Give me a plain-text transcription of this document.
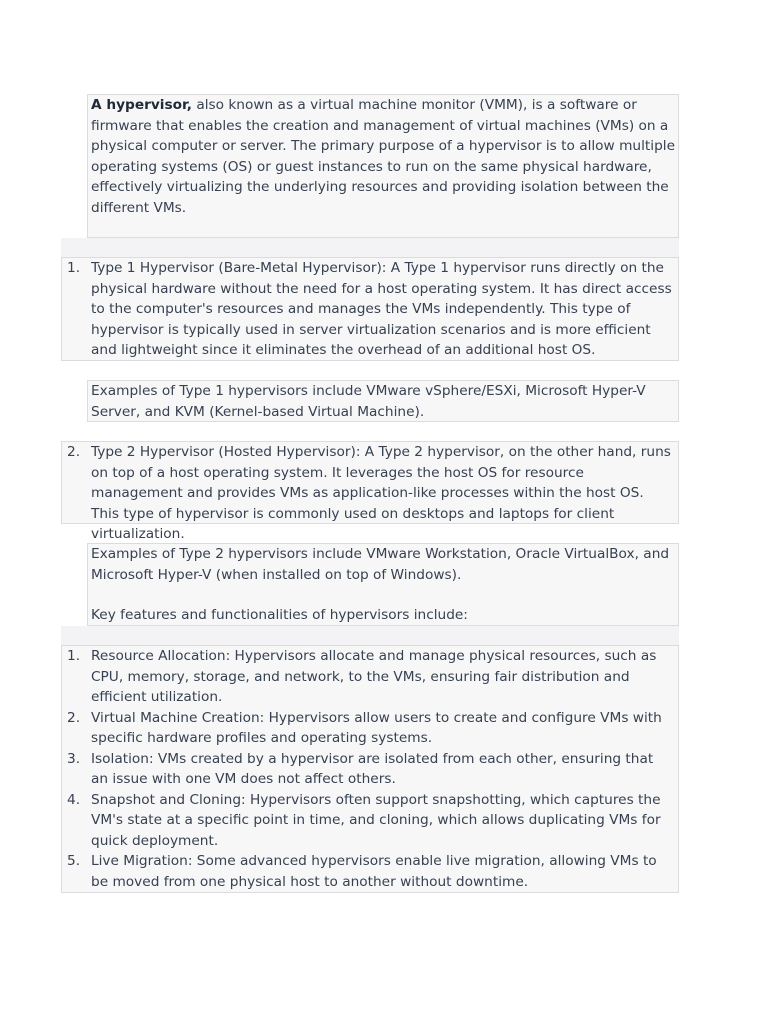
A hypervisor, also known as a virtual machine monitor (VMM), is a software or firmware that enables the creation and management of virtual machines (VMs) on a physical computer or server. The primary purpose of a hypervisor is to allow multiple operating systems (OS) or guest instances to run on the same physical hardware, effectively virtualizing the underlying resources and providing isolation between the different VMs.

1. Type 1 Hypervisor (Bare-Metal Hypervisor): A Type 1 hypervisor runs directly on the physical hardware without the need for a host operating system. It has direct access to the computer's resources and manages the VMs independently. This type of hypervisor is typically used in server virtualization scenarios and is more efficient and lightweight since it eliminates the overhead of an additional host OS.

Examples of Type 1 hypervisors include VMware vSphere/ESXi, Microsoft Hyper-V Server, and KVM (Kernel-based Virtual Machine).

2. Type 2 Hypervisor (Hosted Hypervisor): A Type 2 hypervisor, on the other hand, runs on top of a host operating system. It leverages the host OS for resource management and provides VMs as application-like processes within the host OS. This type of hypervisor is commonly used on desktops and laptops for client virtualization.

Examples of Type 2 hypervisors include VMware Workstation, Oracle VirtualBox, and Microsoft Hyper-V (when installed on top of Windows).

Key features and functionalities of hypervisors include:

1. Resource Allocation: Hypervisors allocate and manage physical resources, such as CPU, memory, storage, and network, to the VMs, ensuring fair distribution and efficient utilization.
2. Virtual Machine Creation: Hypervisors allow users to create and configure VMs with specific hardware profiles and operating systems.
3. Isolation: VMs created by a hypervisor are isolated from each other, ensuring that an issue with one VM does not affect others.
4. Snapshot and Cloning: Hypervisors often support snapshotting, which captures the VM's state at a specific point in time, and cloning, which allows duplicating VMs for quick deployment.
5. Live Migration: Some advanced hypervisors enable live migration, allowing VMs to be moved from one physical host to another without downtime.
